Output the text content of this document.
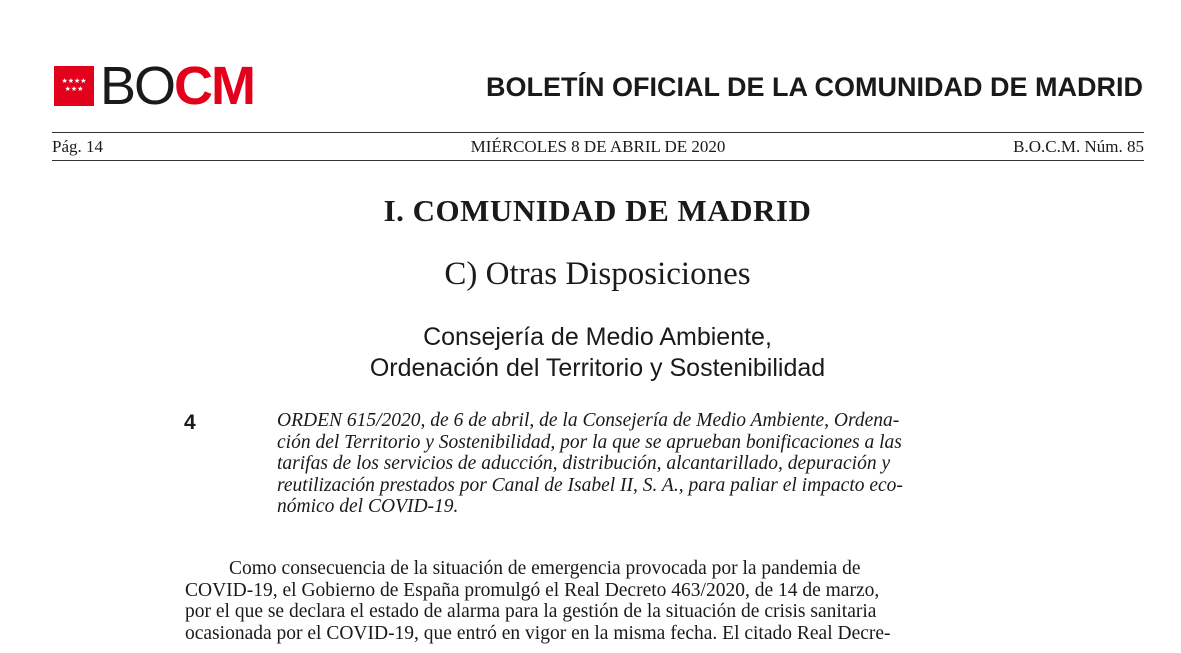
★★★★
★★★ BOCM	BOLETÍN OFICIAL DE LA COMUNIDAD DE MADRID
Pág. 14	MIÉRCOLES 8 DE ABRIL DE 2020	B.O.C.M. Núm. 85
I. COMUNIDAD DE MADRID
C) Otras Disposiciones
Consejería de Medio Ambiente,
Ordenación del Territorio y Sostenibilidad
4	ORDEN 615/2020, de 6 de abril, de la Consejería de Medio Ambiente, Ordena-
ción del Territorio y Sostenibilidad, por la que se aprueban bonificaciones a las
tarifas de los servicios de aducción, distribución, alcantarillado, depuración y
reutilización prestados por Canal de Isabel II, S. A., para paliar el impacto eco-
nómico del COVID-19.
Como consecuencia de la situación de emergencia provocada por la pandemia de
COVID-19, el Gobierno de España promulgó el Real Decreto 463/2020, de 14 de marzo,
por el que se declara el estado de alarma para la gestión de la situación de crisis sanitaria
ocasionada por el COVID-19, que entró en vigor en la misma fecha. El citado Real Decre-
